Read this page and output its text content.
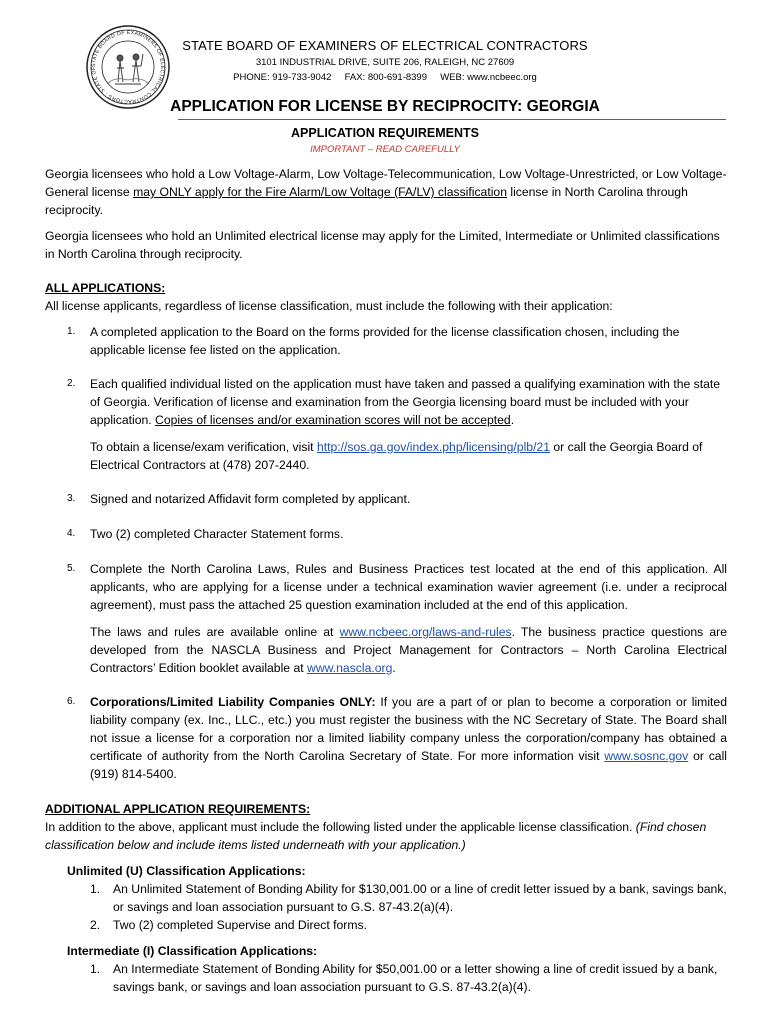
STATE BOARD OF EXAMINERS OF ELECTRICAL CONTRACTORS · STATE OF
STATE BOARD OF EXAMINERS OF ELECTRICAL CONTRACTORS
3101 INDUSTRIAL DRIVE, SUITE 206, RALEIGH, NC 27609
PHONE: 919-733-9042 FAX: 800-691-8399 WEB: www.ncbeec.org
APPLICATION FOR LICENSE BY RECIPROCITY: GEORGIA
APPLICATION REQUIREMENTS
IMPORTANT – READ CAREFULLY

Georgia licensees who hold a Low Voltage-Alarm, Low Voltage-Telecommunication, Low Voltage-Unrestricted, or Low Voltage-General license may ONLY apply for the Fire Alarm/Low Voltage (FA/LV) classification license in North Carolina through reciprocity.

Georgia licensees who hold an Unlimited electrical license may apply for the Limited, Intermediate or Unlimited classifications in North Carolina through reciprocity.

ALL APPLICATIONS:

All license applicants, regardless of license classification, must include the following with their application:

1. A completed application to the Board on the forms provided for the license classification chosen, including the applicable license fee listed on the application.
2. Each qualified individual listed on the application must have taken and passed a qualifying examination with the state of Georgia. Verification of license and examination from the Georgia licensing board must be included with your application. Copies of licenses and/or examination scores will not be accepted.

To obtain a license/exam verification, visit http://sos.ga.gov/index.php/licensing/plb/21 or call the Georgia Board of Electrical Contractors at (478) 207-2440.

3. Signed and notarized Affidavit form completed by applicant.
4. Two (2) completed Character Statement forms.
5. Complete the North Carolina Laws, Rules and Business Practices test located at the end of this application. All applicants, who are applying for a license under a technical examination wavier agreement (i.e. under a reciprocal agreement), must pass the attached 25 question examination included at the end of this application.

The laws and rules are available online at www.ncbeec.org/laws-and-rules. The business practice questions are developed from the NASCLA Business and Project Management for Contractors – North Carolina Electrical Contractors’ Edition booklet available at www.nascla.org.

6. Corporations/Limited Liability Companies ONLY: If you are a part of or plan to become a corporation or limited liability company (ex. Inc., LLC., etc.) you must register the business with the NC Secretary of State. The Board shall not issue a license for a corporation nor a limited liability company unless the corporation/company has obtained a certificate of authority from the North Carolina Secretary of State. For more information visit www.sosnc.gov or call (919) 814-5400.

ADDITIONAL APPLICATION REQUIREMENTS:

In addition to the above, applicant must include the following listed under the applicable license classification. (Find chosen classification below and include items listed underneath with your application.)

Unlimited (U) Classification Applications:

1. An Unlimited Statement of Bonding Ability for $130,001.00 or a line of credit letter issued by a bank, savings bank, or savings and loan association pursuant to G.S. 87-43.2(a)(4).
2. Two (2) completed Supervise and Direct forms.

Intermediate (I) Classification Applications:

1. An Intermediate Statement of Bonding Ability for $50,001.00 or a letter showing a line of credit issued by a bank, savings bank, or savings and loan association pursuant to G.S. 87-43.2(a)(4).
